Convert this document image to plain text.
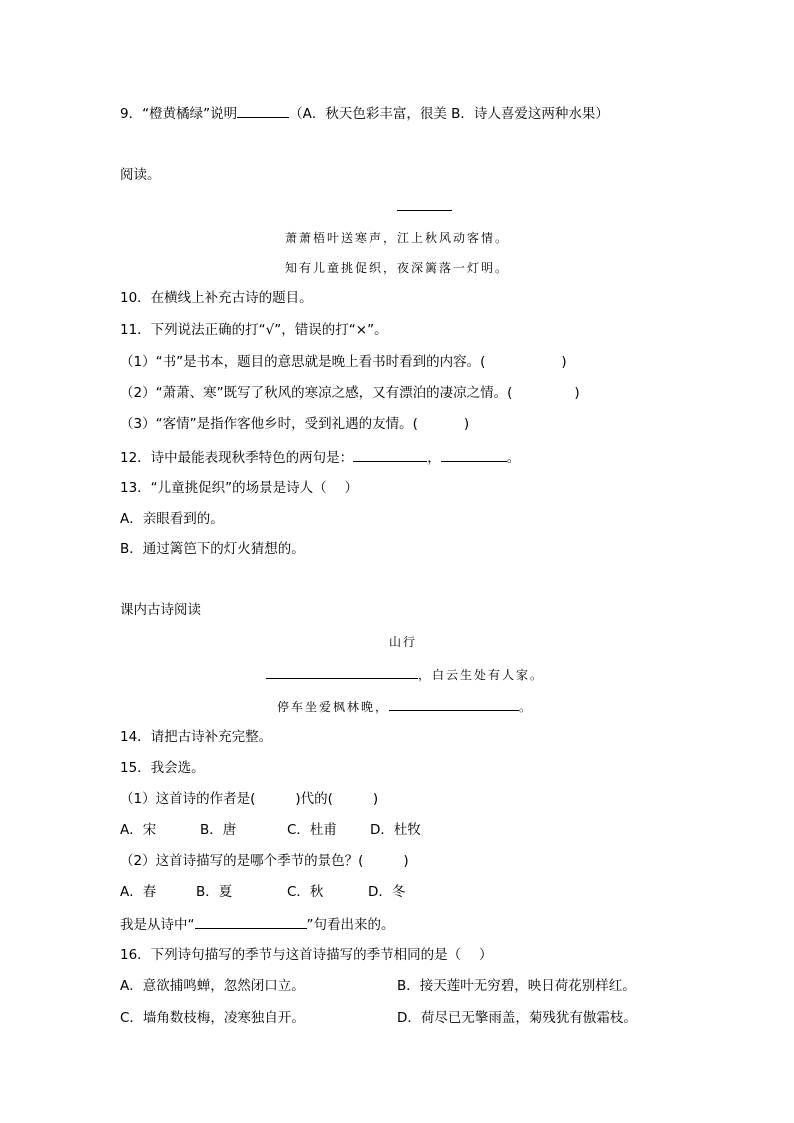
9．“橙黄橘绿”说明	（A．秋天色彩丰富，很美 B．诗人喜爱这两种水果）
阅读。
萧萧梧叶送寒声，江上秋风动客情。
知有儿童挑促织，夜深篱落一灯明。
10．在横线上补充古诗的题目。
11．下列说法正确的打“√”，错误的打“×”。
（1）“书”是书本，题目的意思就是晚上看书时看到的内容。(	)
（2）“萧萧、寒”既写了秋风的寒凉之感，又有漂泊的凄凉之情。(	)
（3）“客情”是指作客他乡时，受到礼遇的友情。(	)
12．诗中最能表现秋季特色的两句是：	，	。
13．“儿童挑促织”的场景是诗人（　 ）
A．亲眼看到的。
B．通过篱笆下的灯火猜想的。
课内古诗阅读
山行
，白云生处有人家。
停车坐爱枫林晚，	。
14．请把古诗补充完整。
15．我会选。
（1）这首诗的作者是(	)代的(	)
A．宋	B．唐	C．杜甫 D．杜牧
（2）这首诗描写的是哪个季节的景色？(	)
A．春	B．夏	C．秋	D．冬
我是从诗中“	”句看出来的。
16．下列诗句描写的季节与这首诗描写的季节相同的是（　 ）
A．意欲捕鸣蝉，忽然闭口立。	B．接天莲叶无穷碧，映日荷花别样红。
C．墙角数枝梅，凌寒独自开。	D．荷尽已无擎雨盖，菊残犹有傲霜枝。
